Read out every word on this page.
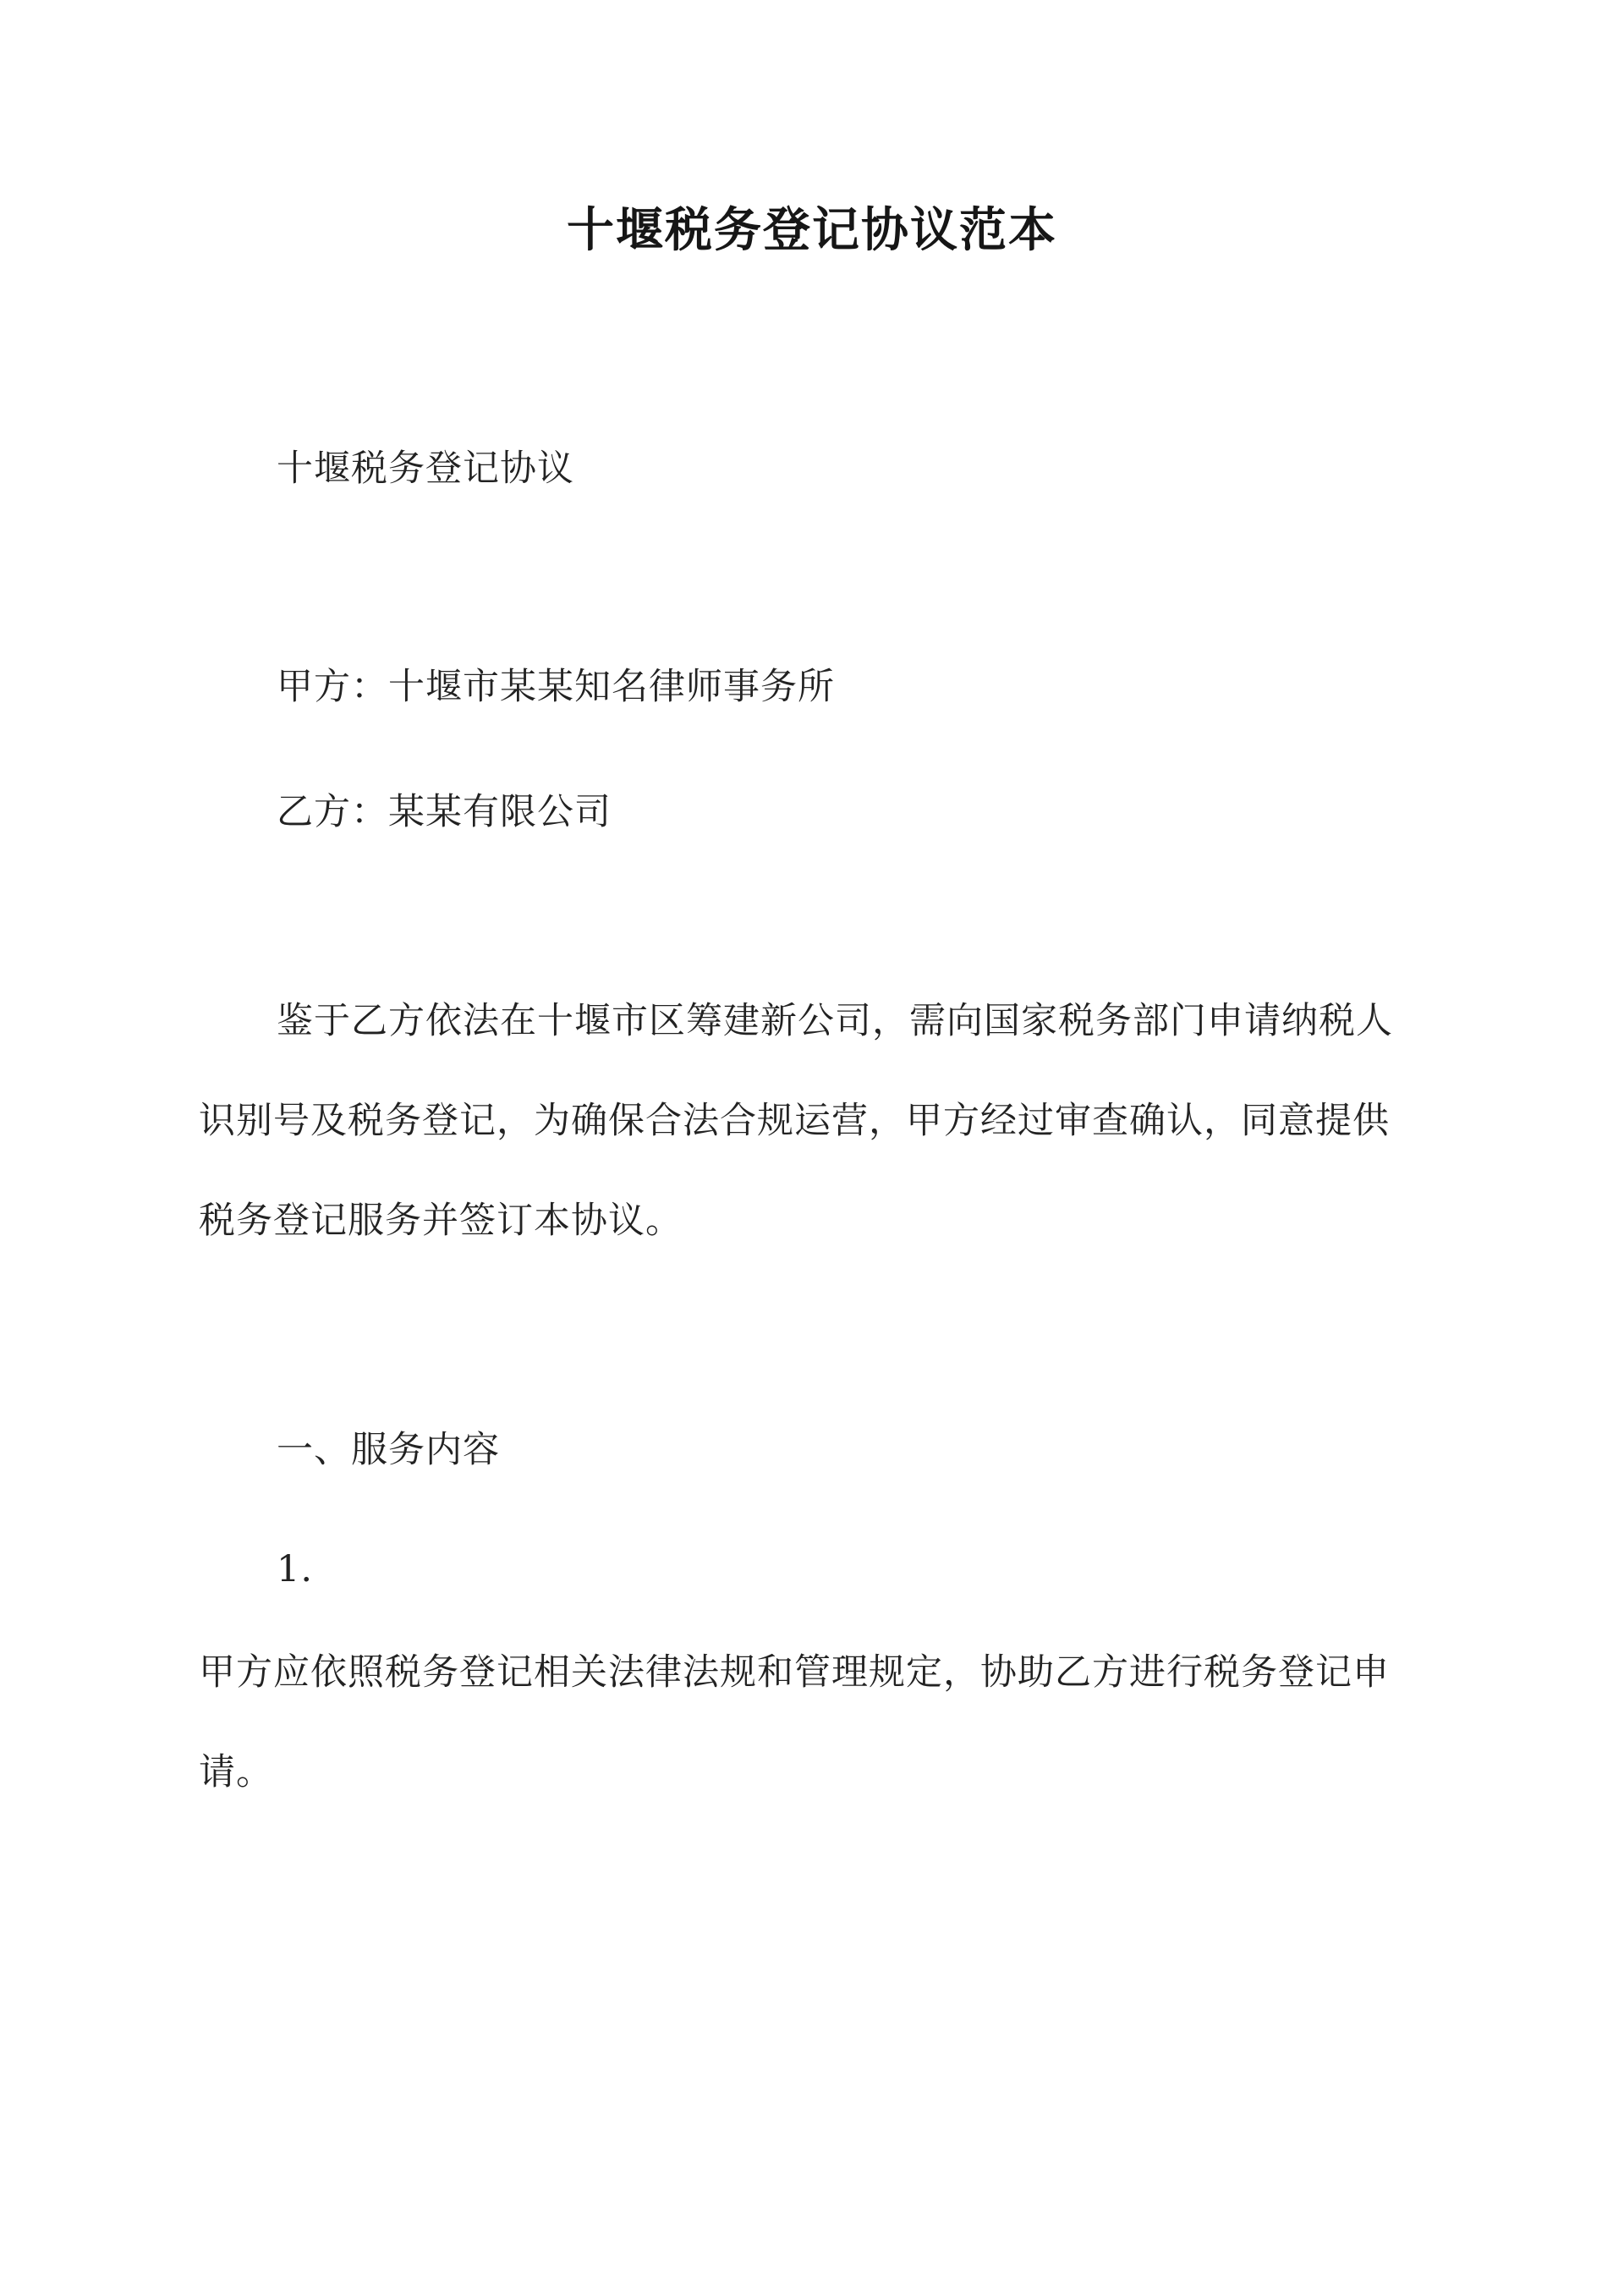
十堰税务登记协议范本

十堰税务登记协议

甲方：十堰市某某知名律师事务所

乙方：某某有限公司

鉴于乙方依法在十堰市区筹建新公司，需向国家税务部门申请纳税人识别号及税务登记，为确保合法合规运营，甲方经过审查确认，同意提供税务登记服务并签订本协议。

一、服务内容

1.

甲方应依照税务登记相关法律法规和管理规定，协助乙方进行税务登记申请。
